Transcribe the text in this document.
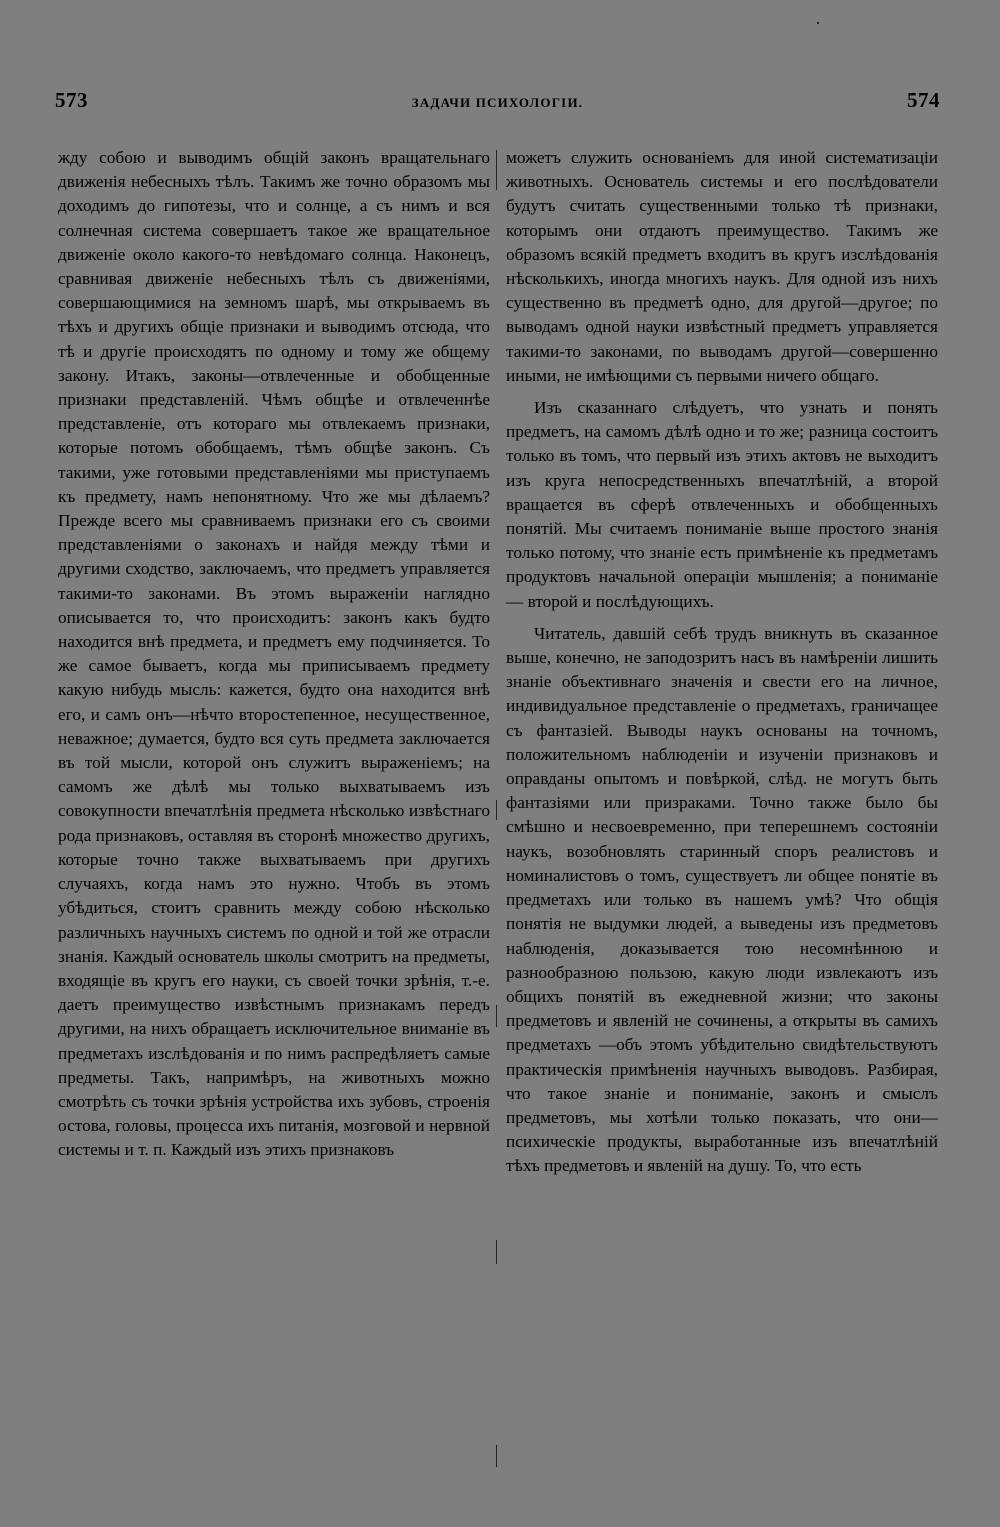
573	ЗАДАЧИ ПСИХОЛОГІИ.	574

жду собою и выводимъ общій законъ вращательнаго движенія небесныхъ тѣлъ. Такимъ же точно образомъ мы доходимъ до гипотезы, что и солнце, а съ нимъ и вся солнечная система совершаетъ такое же вращательное движеніе около какого-то невѣдомаго солнца. Наконецъ, сравнивая движеніе небесныхъ тѣлъ съ движеніями, совершающимися на земномъ шарѣ, мы открываемъ въ тѣхъ и другихъ общіе признаки и выводимъ отсюда, что тѣ и другіе происходятъ по одному и тому же общему закону. Итакъ, законы—отвлеченные и обобщенные признаки представленій. Чѣмъ общѣе и отвлеченнѣе представленіе, отъ котораго мы отвлекаемъ признаки, которые потомъ обобщаемъ, тѣмъ общѣе законъ. Съ такими, уже готовыми представленіями мы приступаемъ къ предмету, намъ непонятному. Что же мы дѣлаемъ? Прежде всего мы сравниваемъ признаки его съ своими представленіями о законахъ и найдя между тѣми и другими сходство, заключаемъ, что предметъ управляется такими-то законами. Въ этомъ выраженіи наглядно описывается то, что происходитъ: законъ какъ будто находится внѣ предмета, и предметъ ему подчиняется. То же самое бываетъ, когда мы приписываемъ предмету какую нибудь мысль: кажется, будто она находится внѣ его, и самъ онъ—нѣчто второстепенное, несущественное, неважное; думается, будто вся суть предмета заключается въ той мысли, которой онъ служитъ выраженіемъ; на самомъ же дѣлѣ мы только выхватываемъ изъ совокупности впечатлѣнія предмета нѣсколько извѣстнаго рода признаковъ, оставляя въ сторонѣ множество другихъ, которые точно также выхватываемъ при другихъ случаяхъ, когда намъ это нужно. Чтобъ въ этомъ убѣдиться, стоитъ сравнить между собою нѣсколько различныхъ научныхъ системъ по одной и той же отрасли знанія. Каждый основатель школы смотритъ на предметы, входящіе въ кругъ его науки, съ своей точки зрѣнія, т.-е. даетъ преимущество извѣстнымъ признакамъ передъ другими, на нихъ обращаетъ исключительное вниманіе въ предметахъ изслѣдованія и по нимъ распредѣляетъ самые предметы. Такъ, напримѣръ, на животныхъ можно смотрѣть съ точки зрѣнія устройства ихъ зубовъ, строенія остова, головы, процесса ихъ питанія, мозговой и нервной системы и т. п. Каждый изъ этихъ признаковъ

можетъ служить основаніемъ для иной систематизаціи животныхъ. Основатель системы и его послѣдователи будутъ считать существенными только тѣ признаки, которымъ они отдаютъ преимущество. Такимъ же образомъ всякій предметъ входитъ въ кругъ изслѣдованія нѣсколькихъ, иногда многихъ наукъ. Для одной изъ нихъ существенно въ предметѣ одно, для другой—другое; по выводамъ одной науки извѣстный предметъ управляется такими-то законами, по выводамъ другой—совершенно иными, не имѣющими съ первыми ничего общаго.

Изъ сказаннаго слѣдуетъ, что узнать и понять предметъ, на самомъ дѣлѣ одно и то же; разница состоитъ только въ томъ, что первый изъ этихъ актовъ не выходитъ изъ круга непосредственныхъ впечатлѣній, а второй вращается въ сферѣ отвлеченныхъ и обобщенныхъ понятій. Мы считаемъ пониманіе выше простого знанія только потому, что знаніе есть примѣненіе къ предметамъ продуктовъ начальной операціи мышленія; а пониманіе — второй и послѣдующихъ.

Читатель, давшій себѣ трудъ вникнуть въ сказанное выше, конечно, не заподозритъ насъ въ намѣреніи лишить знаніе объективнаго значенія и свести его на личное, индивидуальное представленіе о предметахъ, граничащее съ фантазіей. Выводы наукъ основаны на точномъ, положительномъ наблюденіи и изученіи признаковъ и оправданы опытомъ и повѣркой, слѣд. не могутъ быть фантазіями или призраками. Точно также было бы смѣшно и несвоевременно, при теперешнемъ состояніи наукъ, возобновлять старинный споръ реалистовъ и номиналистовъ о томъ, существуетъ ли общее понятіе въ предметахъ или только въ нашемъ умѣ? Что общія понятія не выдумки людей, а выведены изъ предметовъ наблюденія, доказывается тою несомнѣнною и разнообразною пользою, какую люди извлекаютъ изъ общихъ понятій въ ежедневной жизни; что законы предметовъ и явленій не сочинены, а открыты въ самихъ предметахъ —объ этомъ убѣдительно свидѣтельствуютъ практическія примѣненія научныхъ выводовъ. Разбирая, что такое знаніе и пониманіе, законъ и смыслъ предметовъ, мы хотѣли только показать, что они—психическіе продукты, выработанные изъ впечатлѣній тѣхъ предметовъ и явленій на душу. То, что есть
